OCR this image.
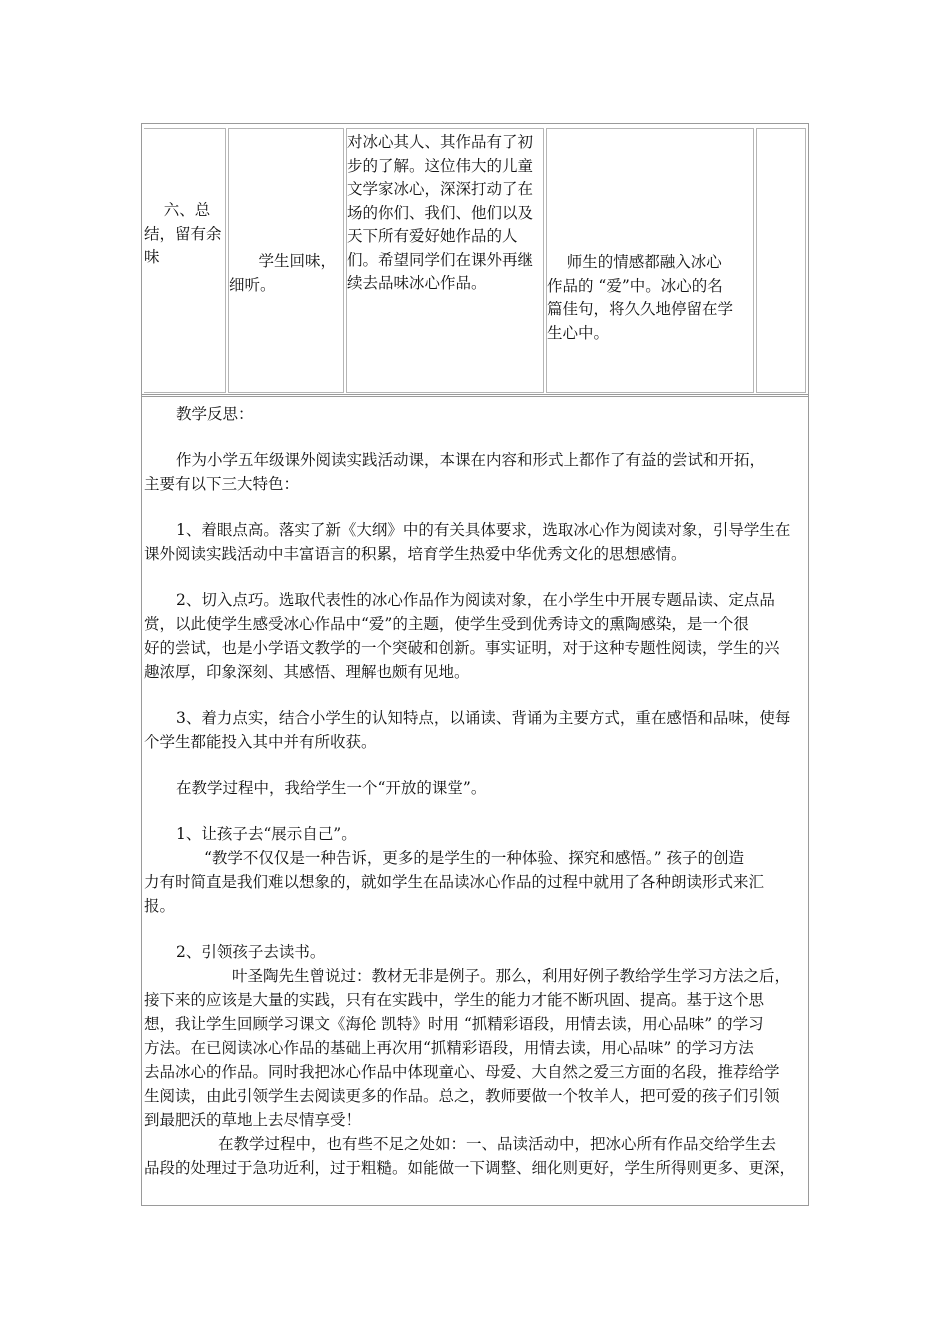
六、总

结，留有余

味	学生回味，

细听。

对冰心其人、其作品有了初

步的了解。这位伟大的儿童

文学家冰心，深深打动了在

场的你们、我们、他们以及

天下所有爱好她作品的人

们。希望同学们在课外再继

续去品味冰心作品。

师生的情感都融入冰心

作品的 “爱”中。冰心的名

篇佳句，将久久地停留在学

生心中。

教学反思：

作为小学五年级课外阅读实践活动课，本课在内容和形式上都作了有益的尝试和开拓，

主要有以下三大特色：

1、着眼点高。落实了新《大纲》中的有关具体要求，选取冰心作为阅读对象，引导学生在

课外阅读实践活动中丰富语言的积累，培育学生热爱中华优秀文化的思想感情。

2、切入点巧。选取代表性的冰心作品作为阅读对象，在小学生中开展专题品读、定点品

赏，以此使学生感受冰心作品中“爱”的主题，使学生受到优秀诗文的熏陶感染，是一个很

好的尝试，也是小学语文教学的一个突破和创新。事实证明，对于这种专题性阅读，学生的兴

趣浓厚，印象深刻、其感悟、理解也颇有见地。

3、着力点实，结合小学生的认知特点，以诵读、背诵为主要方式，重在感悟和品味，使每

个学生都能投入其中并有所收获。

在教学过程中，我给学生一个“开放的课堂”。

1、让孩子去“展示自己”。

“教学不仅仅是一种告诉，更多的是学生的一种体验、探究和感悟。” 孩子的创造

力有时简直是我们难以想象的，就如学生在品读冰心作品的过程中就用了各种朗读形式来汇

报。

2、引领孩子去读书。

叶圣陶先生曾说过：教材无非是例子。那么，利用好例子教给学生学习方法之后，

接下来的应该是大量的实践，只有在实践中，学生的能力才能不断巩固、提高。基于这个思

想，我让学生回顾学习课文《海伦 凯特》时用 “抓精彩语段，用情去读，用心品味” 的学习

方法。在已阅读冰心作品的基础上再次用“抓精彩语段，用情去读，用心品味” 的学习方法

去品冰心的作品。同时我把冰心作品中体现童心、母爱、大自然之爱三方面的名段，推荐给学

生阅读，由此引领学生去阅读更多的作品。总之，教师要做一个牧羊人，把可爱的孩子们引领

到最肥沃的草地上去尽情享受！

在教学过程中，也有些不足之处如：一、品读活动中，把冰心所有作品交给学生去

品段的处理过于急功近利，过于粗糙。如能做一下调整、细化则更好，学生所得则更多、更深，
